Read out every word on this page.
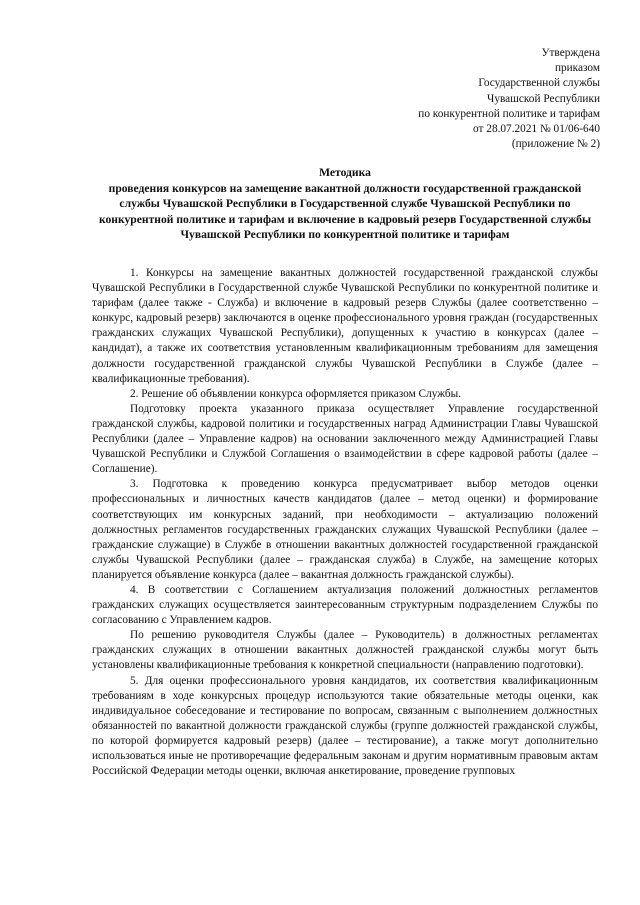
Утверждена
приказом
Государственной службы
Чувашской Республики
по конкурентной политике и тарифам
от 28.07.2021 № 01/06-640
(приложение № 2)
Методика
проведения конкурсов на замещение вакантной должности государственной гражданской службы Чувашской Республики в Государственной службе Чувашской Республики по конкурентной политике и тарифам и включение в кадровый резерв Государственной службы Чувашской Республики по конкурентной политике и тарифам

1. Конкурсы на замещение вакантных должностей государственной гражданской службы Чувашской Республики в Государственной службе Чувашской Республики по конкурентной политике и тарифам (далее также - Служба) и включение в кадровый резерв Службы (далее соответственно – конкурс, кадровый резерв) заключаются в оценке профессионального уровня граждан (государственных гражданских служащих Чувашской Республики), допущенных к участию в конкурсах (далее – кандидат), а также их соответствия установленным квалификационным требованиям для замещения должности государственной гражданской службы Чувашской Республики в Службе (далее – квалификационные требования).

2. Решение об объявлении конкурса оформляется приказом Службы.

Подготовку проекта указанного приказа осуществляет Управление государственной гражданской службы, кадровой политики и государственных наград Администрации Главы Чувашской Республики (далее – Управление кадров) на основании заключенного между Администрацией Главы Чувашской Республики и Службой Соглашения о взаимодействии в сфере кадровой работы (далее – Соглашение).

3. Подготовка к проведению конкурса предусматривает выбор методов оценки профессиональных и личностных качеств кандидатов (далее – метод оценки) и формирование соответствующих им конкурсных заданий, при необходимости – актуализацию положений должностных регламентов государственных гражданских служащих Чувашской Республики (далее – гражданские служащие) в Службе в отношении вакантных должностей государственной гражданской службы Чувашской Республики (далее – гражданская служба) в Службе, на замещение которых планируется объявление конкурса (далее – вакантная должность гражданской службы).

4. В соответствии с Соглашением актуализация положений должностных регламентов гражданских служащих осуществляется заинтересованным структурным подразделением Службы по согласованию с Управлением кадров.

По решению руководителя Службы (далее – Руководитель) в должностных регламентах гражданских служащих в отношении вакантных должностей гражданской службы могут быть установлены квалификационные требования к конкретной специальности (направлению подготовки).

5. Для оценки профессионального уровня кандидатов, их соответствия квалификационным требованиям в ходе конкурсных процедур используются такие обязательные методы оценки, как индивидуальное собеседование и тестирование по вопросам, связанным с выполнением должностных обязанностей по вакантной должности гражданской службы (группе должностей гражданской службы, по которой формируется кадровый резерв) (далее – тестирование), а также могут дополнительно использоваться иные не противоречащие федеральным законам и другим нормативным правовым актам Российской Федерации методы оценки, включая анкетирование, проведение групповых
